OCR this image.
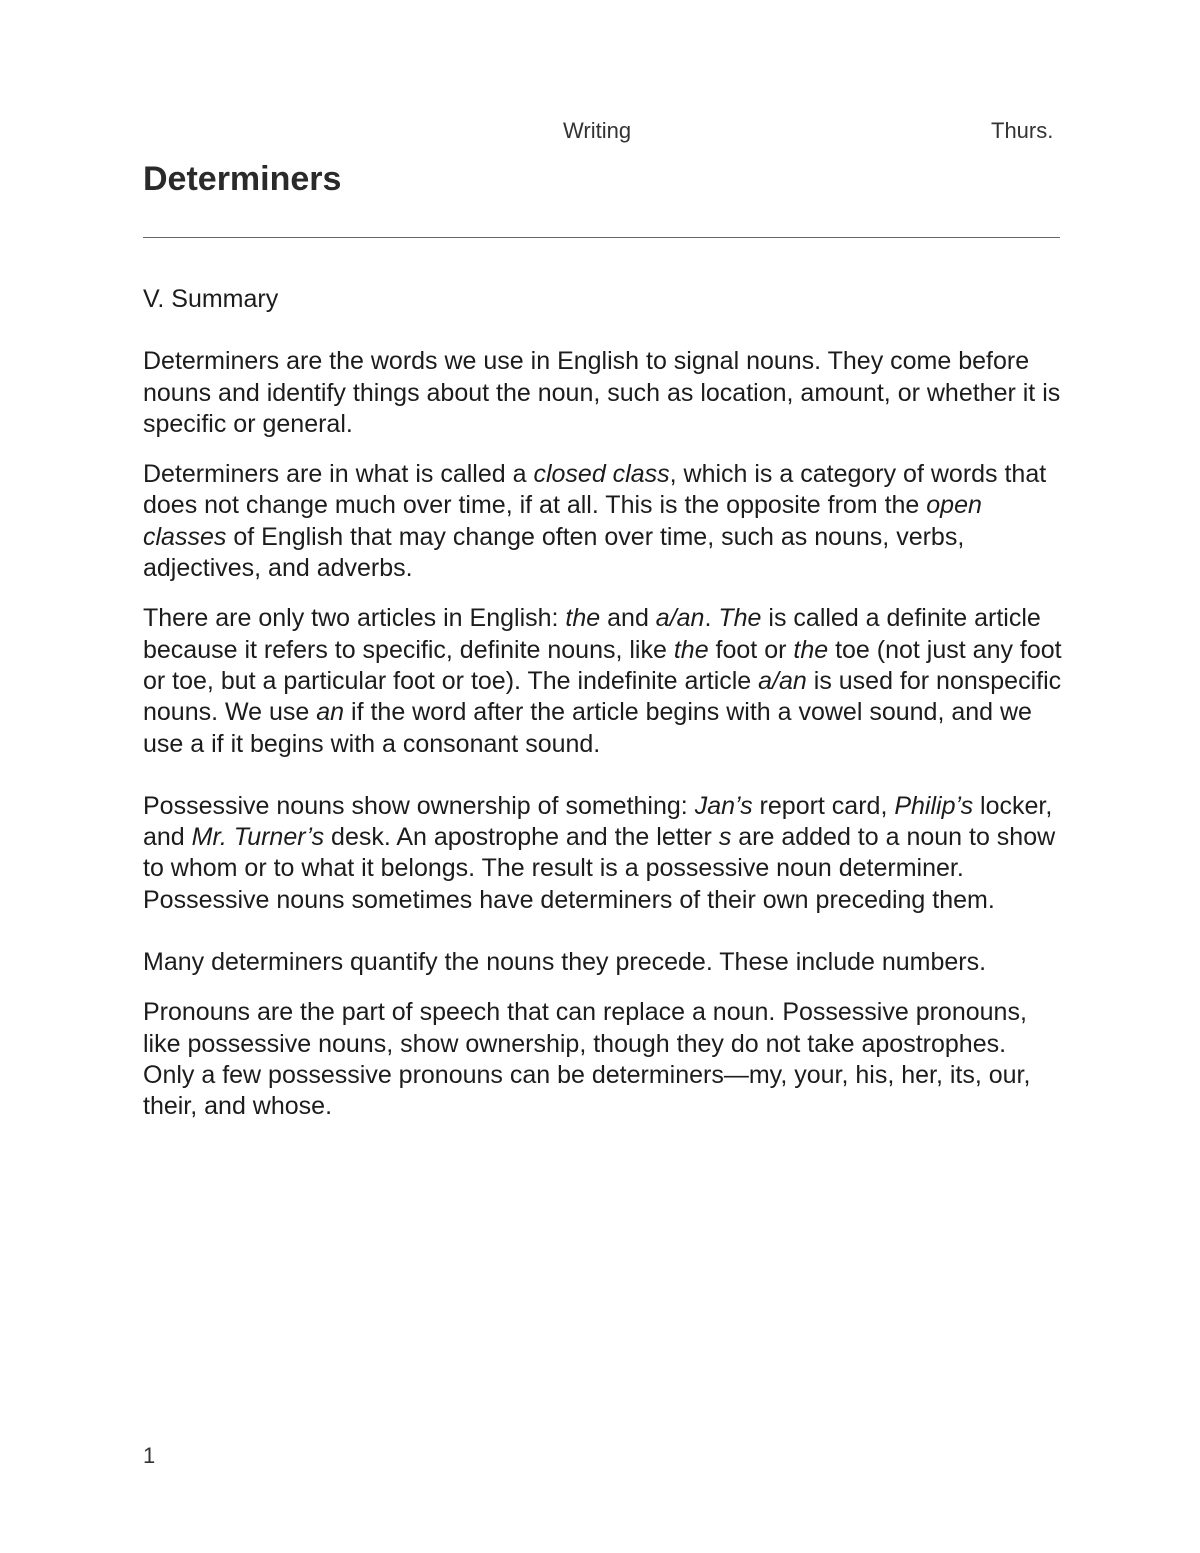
Writing	Thurs.
Determiners

V. Summary

Determiners are the words we use in English to signal nouns. They come before nouns and identify things about the noun, such as location, amount, or whether it is specific or general.

Determiners are in what is called a closed class, which is a category of words that does not change much over time, if at all. This is the opposite from the open classes of English that may change often over time, such as nouns, verbs, adjectives, and adverbs.

There are only two articles in English: the and a/an. The is called a definite article because it refers to specific, definite nouns, like the foot or the toe (not just any foot or toe, but a particular foot or toe). The indefinite article a/an is used for nonspecific nouns. We use an if the word after the article begins with a vowel sound, and we use a if it begins with a consonant sound.

Possessive nouns show ownership of something: Jan’s report card, Philip’s locker, and Mr. Turner’s desk. An apostrophe and the letter s are added to a noun to show to whom or to what it belongs. The result is a possessive noun determiner. Possessive nouns sometimes have determiners of their own preceding them.

Many determiners quantify the nouns they precede. These include numbers.

Pronouns are the part of speech that can replace a noun. Possessive pronouns, like possessive nouns, show ownership, though they do not take apostrophes. Only a few possessive pronouns can be determiners—my, your, his, her, its, our, their, and whose.

1
